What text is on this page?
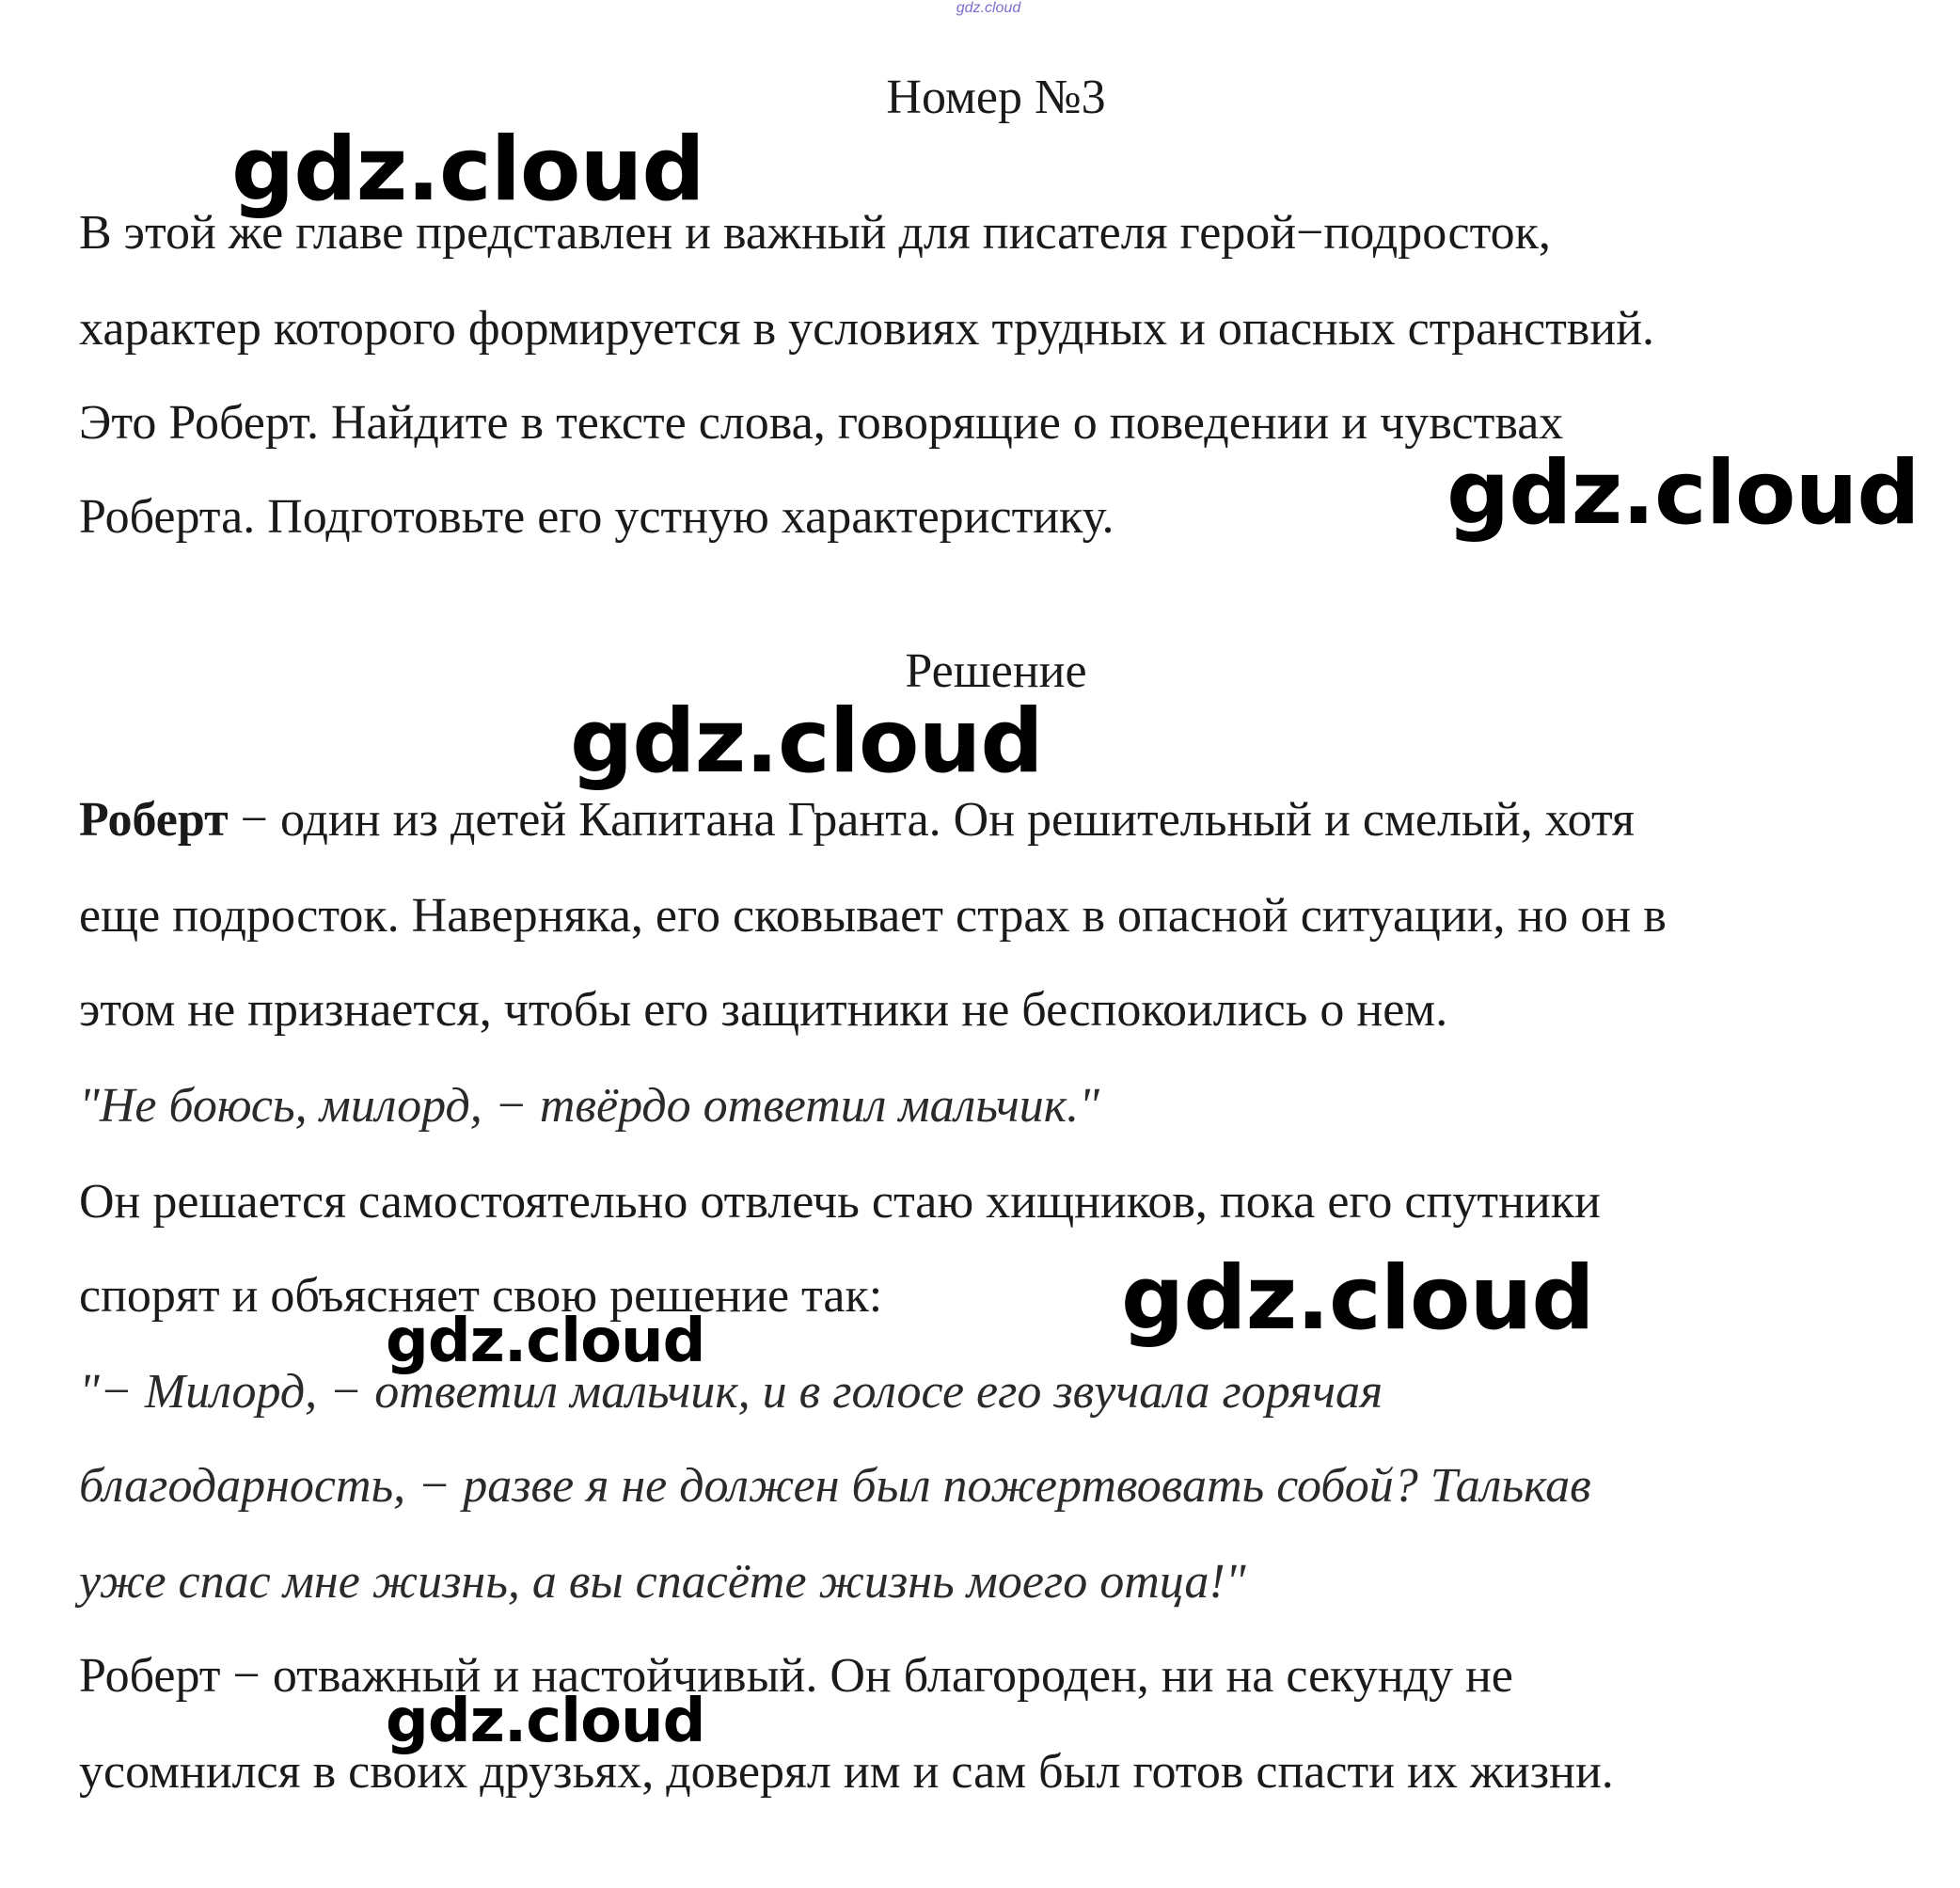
gdz.cloud
Номер №3
В этой же главе представлен и важный для писателя герой−подросток,
характер которого формируется в условиях трудных и опасных странствий.
Это Роберт. Найдите в тексте слова, говорящие о поведении и чувствах
Роберта. Подготовьте его устную характеристику.
Решение
Роберт − один из детей Капитана Гранта. Он решительный и смелый, хотя
еще подросток. Наверняка, его сковывает страх в опасной ситуации, но он в
этом не признается, чтобы его защитники не беспокоились о нем.
"Не боюсь, милорд, − твёрдо ответил мальчик."
Он решается самостоятельно отвлечь стаю хищников, пока его спутники
спорят и объясняет свою решение так:
"− Милорд, − ответил мальчик, и в голосе его звучала горячая
благодарность, − разве я не должен был пожертвовать собой? Талькав
уже спас мне жизнь, а вы спасёте жизнь моего отца!"
Роберт − отважный и настойчивый. Он благороден, ни на секунду не
усомнился в своих друзьях, доверял им и сам был готов спасти их жизни.
gdz.cloud
gdz.cloud
gdz.cloud
gdz.cloud
gdz.cloud
gdz.cloud
